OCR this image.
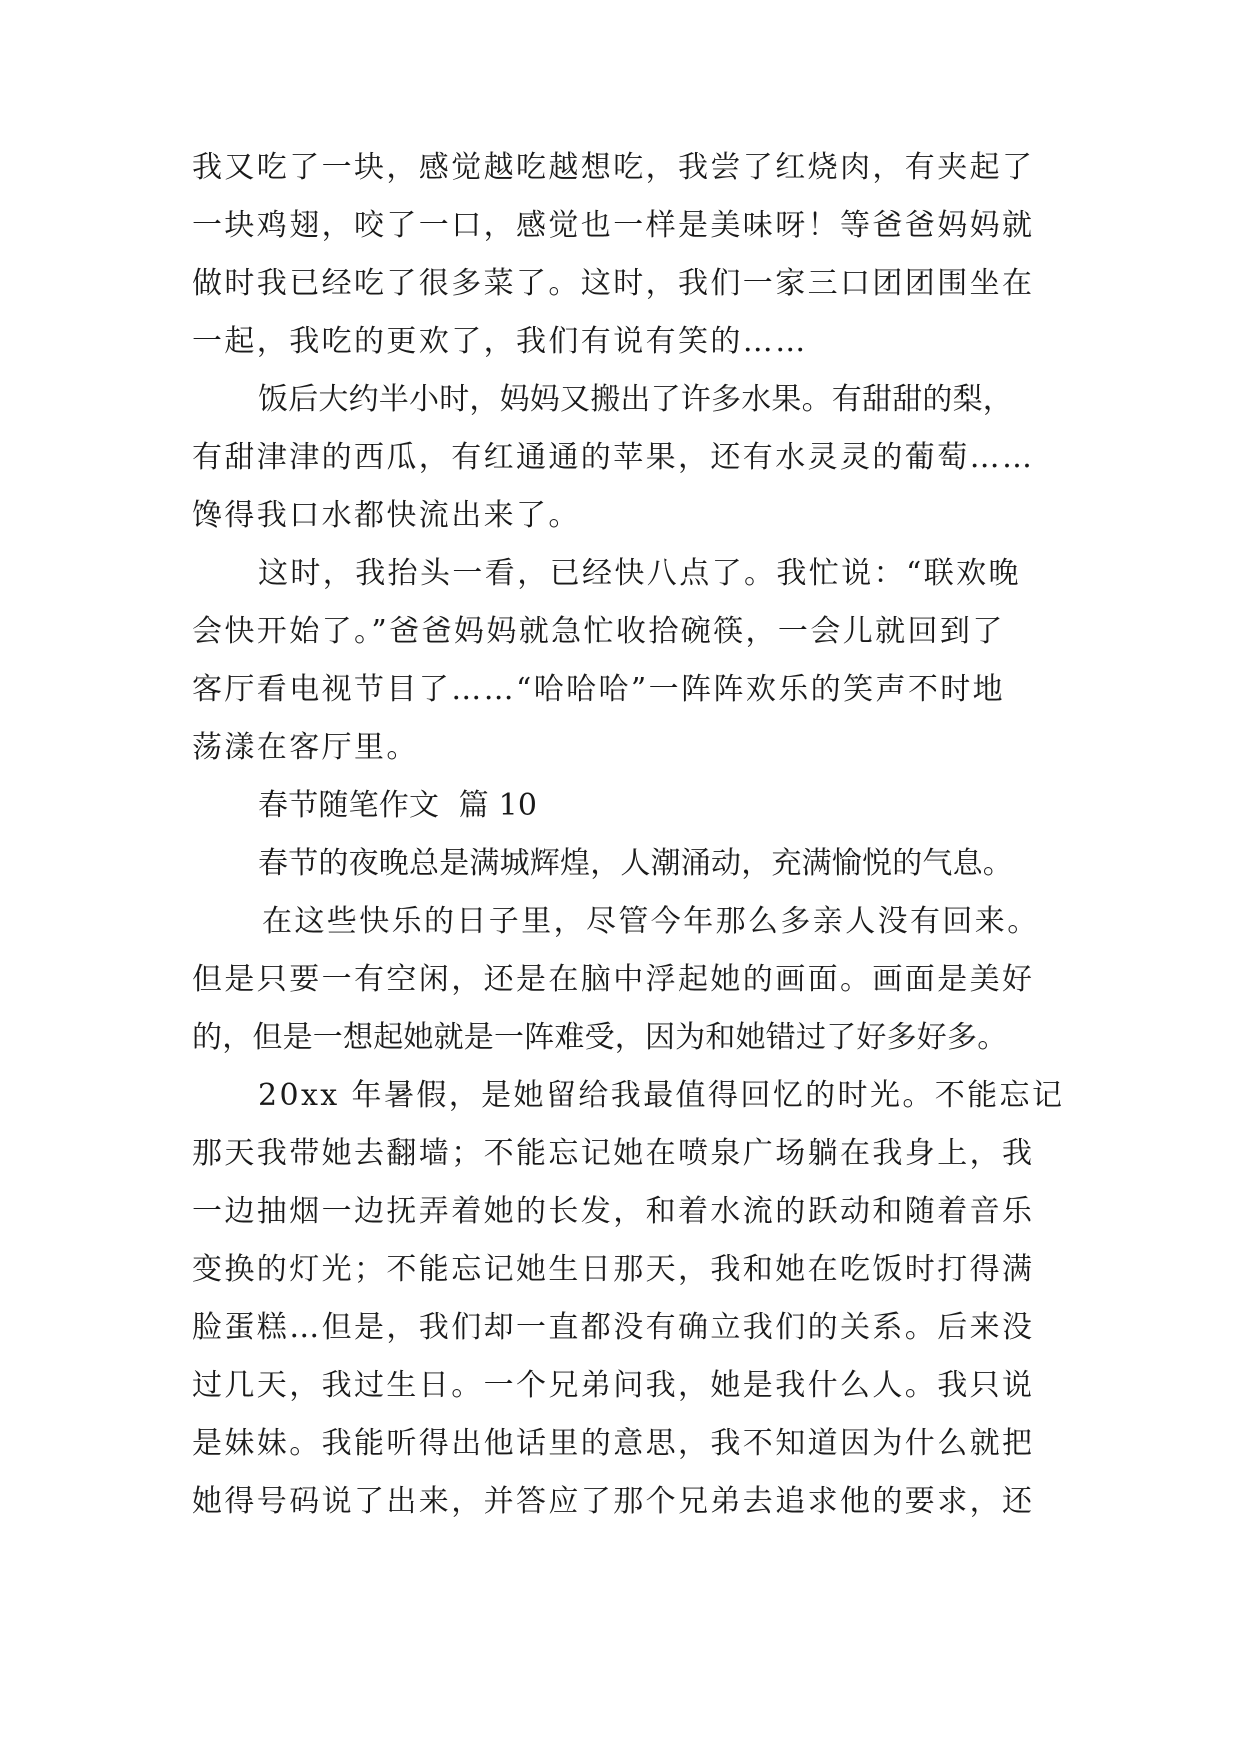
我又吃了一块，感觉越吃越想吃，我尝了红烧肉，有夹起了
一块鸡翅，咬了一口，感觉也一样是美味呀！等爸爸妈妈就
做时我已经吃了很多菜了。这时，我们一家三口团团围坐在
一起，我吃的更欢了，我们有说有笑的……
饭后大约半小时，妈妈又搬出了许多水果。有甜甜的梨，
有甜津津的西瓜，有红通通的苹果，还有水灵灵的葡萄……
馋得我口水都快流出来了。
这时，我抬头一看，已经快八点了。我忙说：“联欢晚
会快开始了。”爸爸妈妈就急忙收拾碗筷，一会儿就回到了
客厅看电视节目了……“哈哈哈”一阵阵欢乐的笑声不时地
荡漾在客厅里。
春节随笔作文  篇 10
春节的夜晚总是满城辉煌，人潮涌动，充满愉悦的气息。
在这些快乐的日子里，尽管今年那么多亲人没有回来。
但是只要一有空闲，还是在脑中浮起她的画面。画面是美好
的，但是一想起她就是一阵难受，因为和她错过了好多好多。
20xx 年暑假，是她留给我最值得回忆的时光。不能忘记
那天我带她去翻墙；不能忘记她在喷泉广场躺在我身上，我
一边抽烟一边抚弄着她的长发，和着水流的跃动和随着音乐
变换的灯光；不能忘记她生日那天，我和她在吃饭时打得满
脸蛋糕…但是，我们却一直都没有确立我们的关系。后来没
过几天，我过生日。一个兄弟问我，她是我什么人。我只说
是妹妹。我能听得出他话里的意思，我不知道因为什么就把
她得号码说了出来，并答应了那个兄弟去追求他的要求，还
